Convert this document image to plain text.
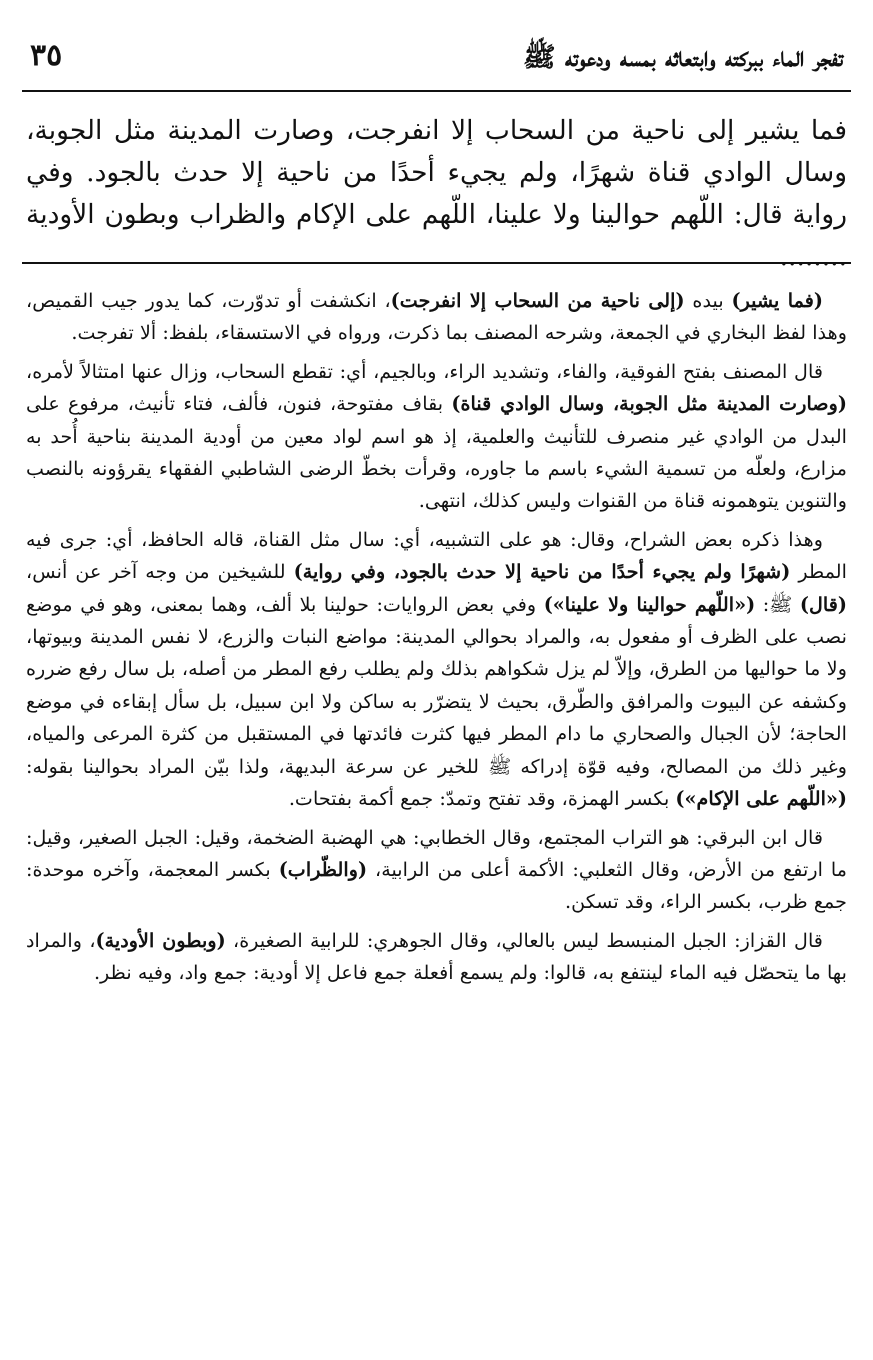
٣٥	تفجر الماء ببركته وابتعاثه بمسه ودعوته ﷺ
فما يشير إلى ناحية من السحاب إلا انفرجت، وصارت المدينة مثل الجوبة، وسال الوادي قناة شهرًا، ولم يجيء أحدًا من ناحية إلا حدث بالجود. وفي رواية قال: اللّهم حوالينا ولا علينا، اللّهم على الإكام والظراب وبطون الأودية ........

(فما يشير) بيده (إلى ناحية من السحاب إلا انفرجت)، انكشفت أو تدوّرت، كما يدور جيب القميص، وهذا لفظ البخاري في الجمعة، وشرحه المصنف بما ذكرت، ورواه في الاستسقاء، بلفظ: ألا تفرجت.

قال المصنف بفتح الفوقية، والفاء، وتشديد الراء، وبالجيم، أي: تقطع السحاب، وزال عنها امتثالاً لأمره، (وصارت المدينة مثل الجوبة، وسال الوادي قناة) بقاف مفتوحة، فنون، فألف، فتاء تأنيث، مرفوع على البدل من الوادي غير منصرف للتأنيث والعلمية، إذ هو اسم لواد معين من أودية المدينة بناحية أُحد به مزارع، ولعلّه من تسمية الشيء باسم ما جاوره، وقرأت بخطّ الرضى الشاطبي الفقهاء يقرؤونه بالنصب والتنوين يتوهمونه قناة من القنوات وليس كذلك، انتهى.

وهذا ذكره بعض الشراح، وقال: هو على التشبيه، أي: سال مثل القناة، قاله الحافظ، أي: جرى فيه المطر (شهرًا ولم يجيء أحدًا من ناحية إلا حدث بالجود، وفي رواية) للشيخين من وجه آخر عن أنس، (قال) ﷺ: («اللّهم حوالينا ولا علينا») وفي بعض الروايات: حولينا بلا ألف، وهما بمعنى، وهو في موضع نصب على الظرف أو مفعول به، والمراد بحوالي المدينة: مواضع النبات والزرع، لا نفس المدينة وبيوتها، ولا ما حواليها من الطرق، وإلاّ لم يزل شكواهم بذلك ولم يطلب رفع المطر من أصله، بل سال رفع ضرره وكشفه عن البيوت والمرافق والطّرق، بحيث لا يتضرّر به ساكن ولا ابن سبيل، بل سأل إبقاءه في موضع الحاجة؛ لأن الجبال والصحاري ما دام المطر فيها كثرت فائدتها في المستقبل من كثرة المرعى والمياه، وغير ذلك من المصالح، وفيه قوّة إدراكه ﷺ للخير عن سرعة البديهة، ولذا بيّن المراد بحوالينا بقوله: («اللّهم على الإكام») بكسر الهمزة، وقد تفتح وتمدّ: جمع أكمة بفتحات.

قال ابن البرقي: هو التراب المجتمع، وقال الخطابي: هي الهضبة الضخمة، وقيل: الجبل الصغير، وقيل: ما ارتفع من الأرض، وقال الثعلبي: الأكمة أعلى من الرابية، (والظّراب) بكسر المعجمة، وآخره موحدة: جمع ظرب، بكسر الراء، وقد تسكن.

قال القزاز: الجبل المنبسط ليس بالعالي، وقال الجوهري: للرابية الصغيرة، (وبطون الأودية)، والمراد بها ما يتحصّل فيه الماء لينتفع به، قالوا: ولم يسمع أفعلة جمع فاعل إلا أودية: جمع واد، وفيه نظر.
